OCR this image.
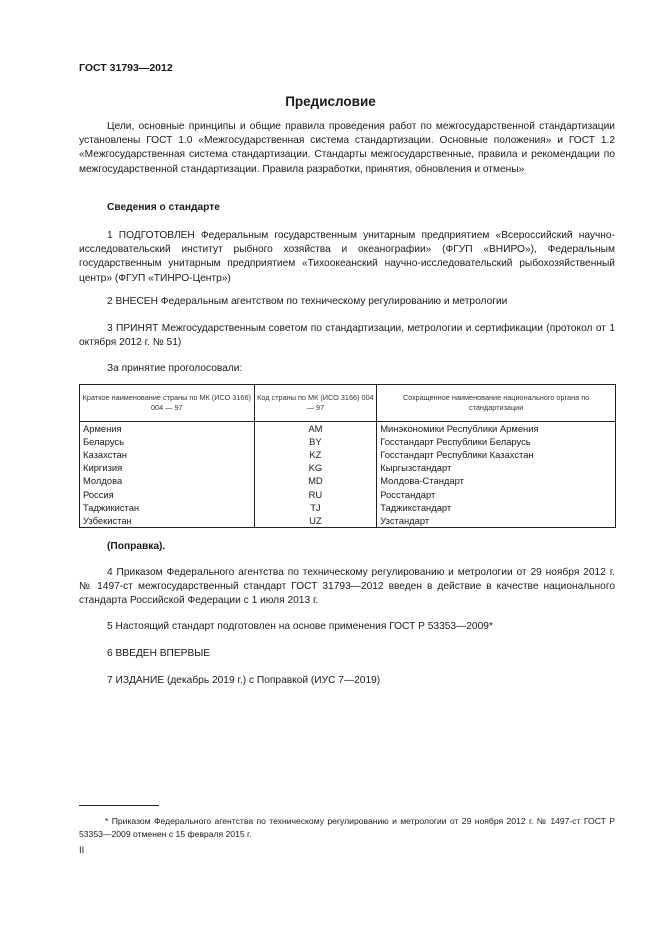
ГОСТ 31793—2012
Предисловие

Цели, основные принципы и общие правила проведения работ по межгосударственной стандартизации установлены ГОСТ 1.0 «Межгосударственная система стандартизации. Основные положения» и ГОСТ 1.2 «Межгосударственная система стандартизации. Стандарты межгосударственные, правила и рекомендации по межгосударственной стандартизации. Правила разработки, принятия, обновления и отмены»

Сведения о стандарте

1 ПОДГОТОВЛЕН Федеральным государственным унитарным предприятием «Всероссийский научно-исследовательский институт рыбного хозяйства и океанографии» (ФГУП «ВНИРО»), Федеральным государственным унитарным предприятием «Тихоокеанский научно-исследовательский рыбохозяйственный центр» (ФГУП «ТИНРО-Центр»)

2 ВНЕСЕН Федеральным агентством по техническому регулированию и метрологии

3 ПРИНЯТ Межгосударственным советом по стандартизации, метрологии и сертификации (протокол от 1 октября 2012 г. № 51)

За принятие проголосовали:

Краткое наименование страны по МК (ИСО 3166) 004 — 97	Код страны по МК (ИСО 3166) 004 — 97	Сокращенное наименование национального органа по стандартизации
Армения	AM	Минэкономики Республики Армения
Беларусь	BY	Госстандарт Республики Беларусь
Казахстан	KZ	Госстандарт Республики Казахстан
Киргизия	KG	Кыргызстандарт
Молдова	MD	Молдова-Стандарт
Россия	RU	Росстандарт
Таджикистан	TJ	Таджикстандарт
Узбекистан	UZ	Узстандарт

(Поправка).

4 Приказом Федерального агентства по техническому регулированию и метрологии от 29 ноября 2012 г. № 1497-ст межгосударственный стандарт ГОСТ 31793—2012 введен в действие в качестве национального стандарта Российской Федерации с 1 июля 2013 г.

5 Настоящий стандарт подготовлен на основе применения ГОСТ Р 53353—2009*

6 ВВЕДЕН ВПЕРВЫЕ

7 ИЗДАНИЕ (декабрь 2019 г.) с Поправкой (ИУС 7—2019)

* Приказом Федерального агентства по техническому регулированию и метрологии от 29 ноября 2012 г. № 1497-ст ГОСТ Р 53353—2009 отменен с 15 февраля 2015 г.

II
